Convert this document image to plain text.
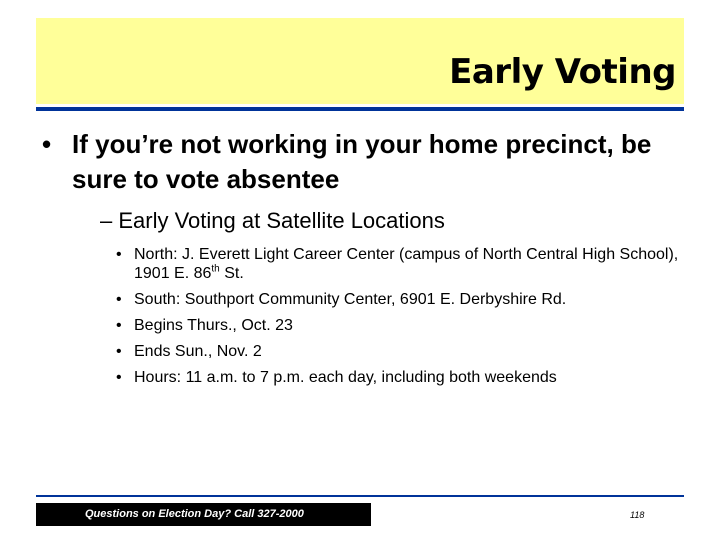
Early Voting
• If you’re not working in your home precinct, be sure to vote absentee
– Early Voting at Satellite Locations
• North: J. Everett Light Career Center (campus of North Central High School), 1901 E. 86th St.
• South: Southport Community Center, 6901 E. Derbyshire Rd.
• Begins Thurs., Oct. 23
• Ends Sun., Nov. 2
• Hours: 11 a.m. to 7 p.m. each day, including both weekends
Questions on Election Day? Call 327-2000	118
